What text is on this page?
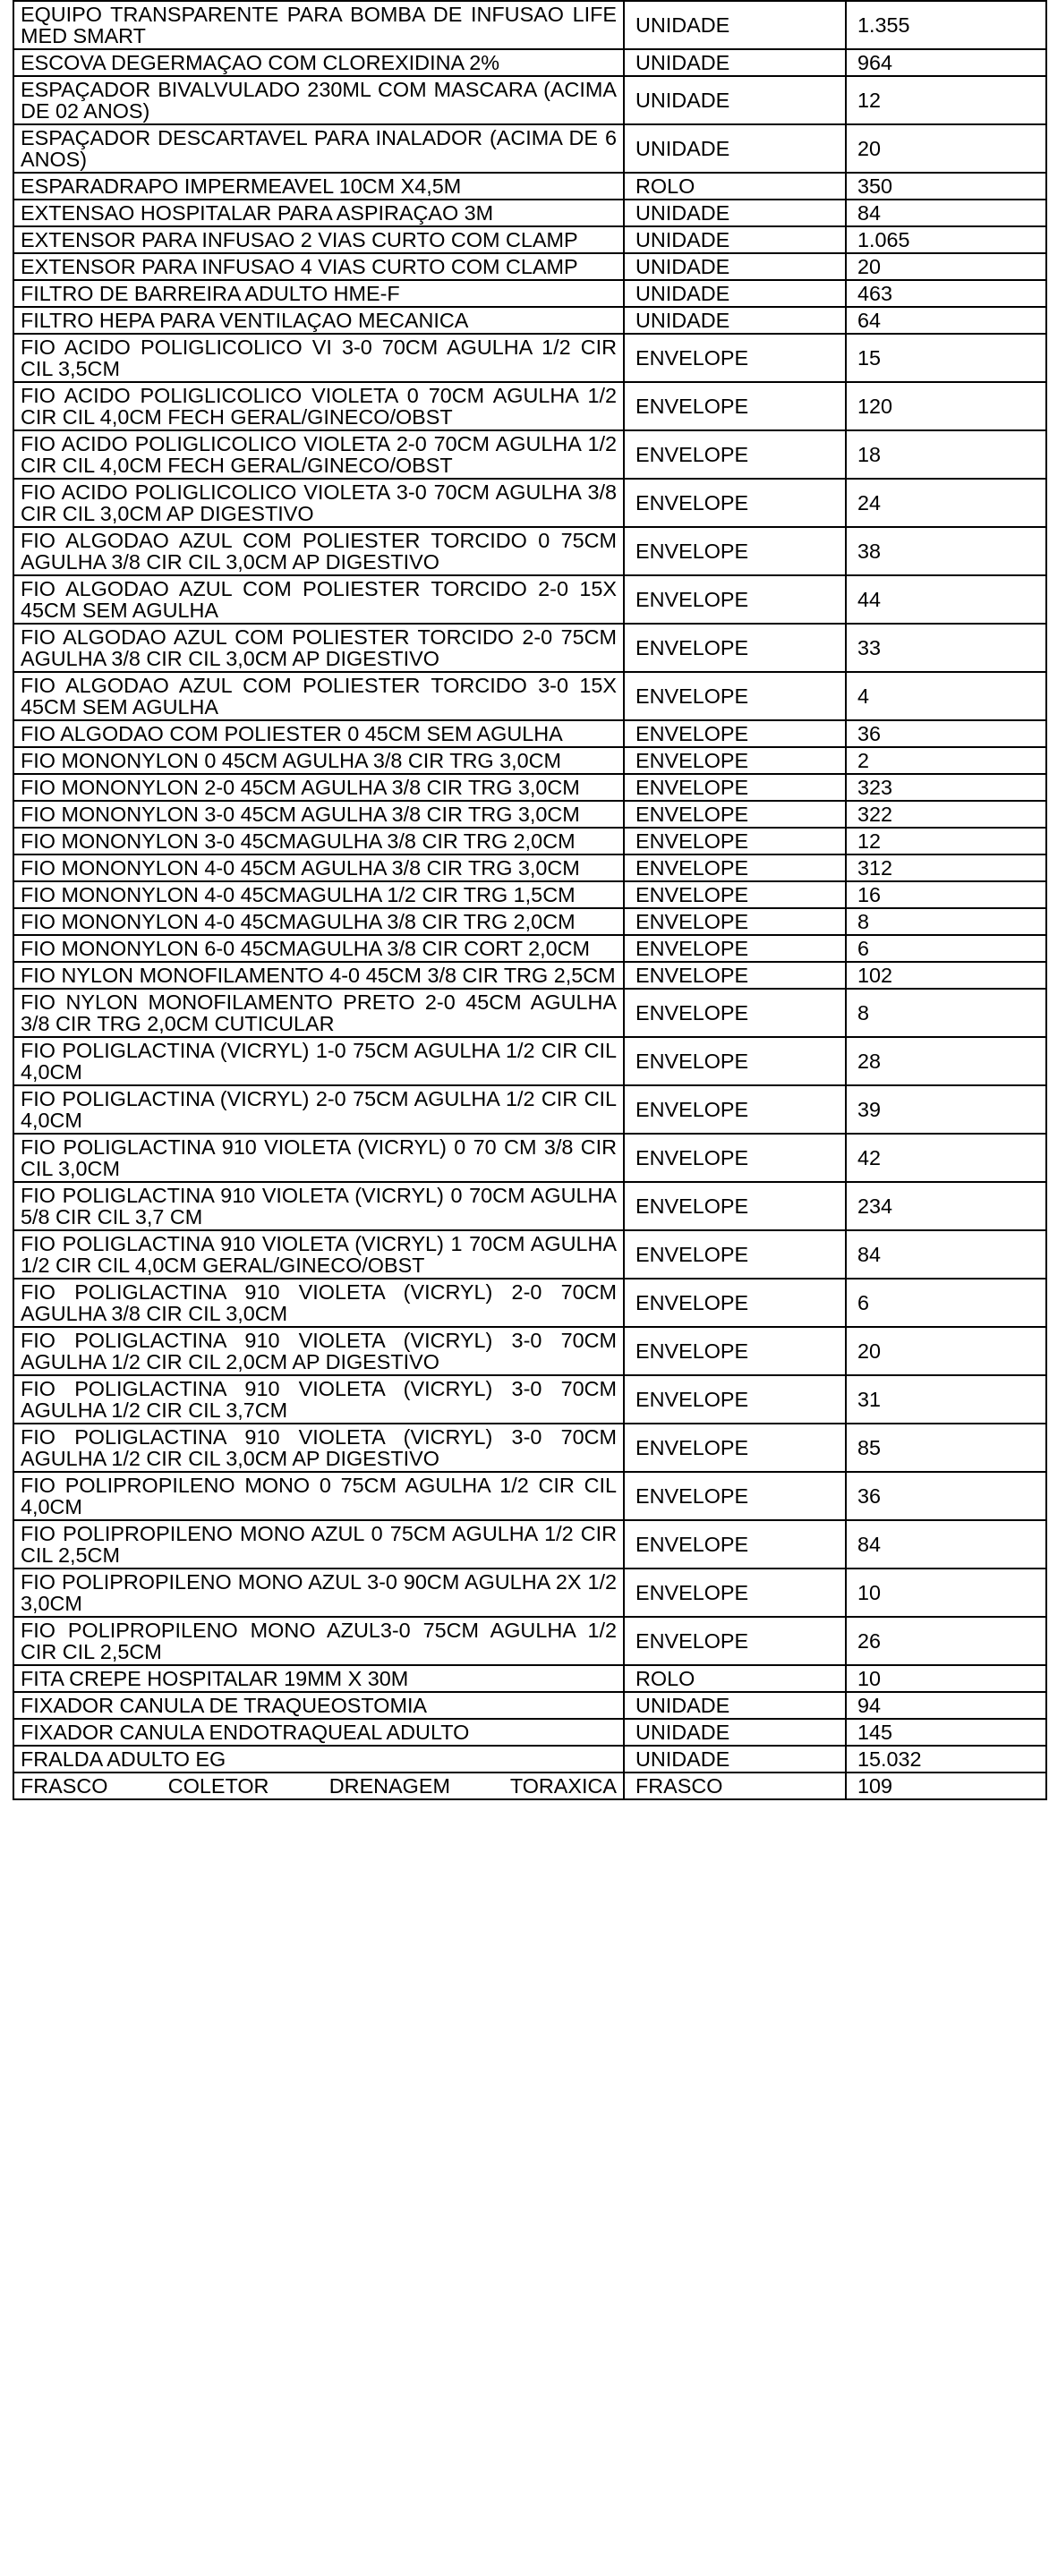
EQUIPO TRANSPARENTE PARA BOMBA DE INFUSAO LIFE MED SMART	UNIDADE	1.355
ESCOVA DEGERMAÇAO COM CLOREXIDINA 2%	UNIDADE	964
ESPAÇADOR BIVALVULADO 230ML COM MASCARA (ACIMA DE 02 ANOS)	UNIDADE	12
ESPAÇADOR DESCARTAVEL PARA INALADOR (ACIMA DE 6 ANOS)	UNIDADE	20
ESPARADRAPO IMPERMEAVEL 10CM X4,5M	ROLO	350
EXTENSAO HOSPITALAR PARA ASPIRAÇAO 3M	UNIDADE	84
EXTENSOR PARA INFUSAO 2 VIAS CURTO COM CLAMP	UNIDADE	1.065
EXTENSOR PARA INFUSAO 4 VIAS CURTO COM CLAMP	UNIDADE	20
FILTRO DE BARREIRA ADULTO HME-F	UNIDADE	463
FILTRO HEPA PARA VENTILAÇAO MECANICA	UNIDADE	64
FIO ACIDO POLIGLICOLICO VI 3-0 70CM AGULHA 1/2 CIR CIL 3,5CM	ENVELOPE	15
FIO ACIDO POLIGLICOLICO VIOLETA 0 70CM AGULHA 1/2 CIR CIL 4,0CM FECH GERAL/GINECO/OBST	ENVELOPE	120
FIO ACIDO POLIGLICOLICO VIOLETA 2-0 70CM AGULHA 1/2 CIR CIL 4,0CM FECH GERAL/GINECO/OBST	ENVELOPE	18
FIO ACIDO POLIGLICOLICO VIOLETA 3-0 70CM AGULHA 3/8 CIR CIL 3,0CM AP DIGESTIVO	ENVELOPE	24
FIO ALGODAO AZUL COM POLIESTER TORCIDO 0 75CM AGULHA 3/8 CIR CIL 3,0CM AP DIGESTIVO	ENVELOPE	38
FIO ALGODAO AZUL COM POLIESTER TORCIDO 2-0 15X 45CM SEM AGULHA	ENVELOPE	44
FIO ALGODAO AZUL COM POLIESTER TORCIDO 2-0 75CM AGULHA 3/8 CIR CIL 3,0CM AP DIGESTIVO	ENVELOPE	33
FIO ALGODAO AZUL COM POLIESTER TORCIDO 3-0 15X 45CM SEM AGULHA	ENVELOPE	4
FIO ALGODAO COM POLIESTER 0 45CM SEM AGULHA	ENVELOPE	36
FIO MONONYLON 0 45CM AGULHA 3/8 CIR TRG 3,0CM	ENVELOPE	2
FIO MONONYLON 2-0 45CM AGULHA 3/8 CIR TRG 3,0CM	ENVELOPE	323
FIO MONONYLON 3-0 45CM AGULHA 3/8 CIR TRG 3,0CM	ENVELOPE	322
FIO MONONYLON 3-0 45CMAGULHA 3/8 CIR TRG 2,0CM	ENVELOPE	12
FIO MONONYLON 4-0 45CM AGULHA 3/8 CIR TRG 3,0CM	ENVELOPE	312
FIO MONONYLON 4-0 45CMAGULHA 1/2 CIR TRG 1,5CM	ENVELOPE	16
FIO MONONYLON 4-0 45CMAGULHA 3/8 CIR TRG 2,0CM	ENVELOPE	8
FIO MONONYLON 6-0 45CMAGULHA 3/8 CIR CORT 2,0CM	ENVELOPE	6
FIO NYLON MONOFILAMENTO 4-0 45CM 3/8 CIR TRG 2,5CM	ENVELOPE	102
FIO NYLON MONOFILAMENTO PRETO 2-0 45CM AGULHA 3/8 CIR TRG 2,0CM CUTICULAR	ENVELOPE	8
FIO POLIGLACTINA (VICRYL) 1-0 75CM AGULHA 1/2 CIR CIL 4,0CM	ENVELOPE	28
FIO POLIGLACTINA (VICRYL) 2-0 75CM AGULHA 1/2 CIR CIL 4,0CM	ENVELOPE	39
FIO POLIGLACTINA 910 VIOLETA (VICRYL) 0 70 CM 3/8 CIR CIL 3,0CM	ENVELOPE	42
FIO POLIGLACTINA 910 VIOLETA (VICRYL) 0 70CM AGULHA 5/8 CIR CIL 3,7 CM	ENVELOPE	234
FIO POLIGLACTINA 910 VIOLETA (VICRYL) 1 70CM AGULHA 1/2 CIR CIL 4,0CM GERAL/GINECO/OBST	ENVELOPE	84
FIO POLIGLACTINA 910 VIOLETA (VICRYL) 2-0 70CM AGULHA 3/8 CIR CIL 3,0CM	ENVELOPE	6
FIO POLIGLACTINA 910 VIOLETA (VICRYL) 3-0 70CM AGULHA 1/2 CIR CIL 2,0CM AP DIGESTIVO	ENVELOPE	20
FIO POLIGLACTINA 910 VIOLETA (VICRYL) 3-0 70CM AGULHA 1/2 CIR CIL 3,7CM	ENVELOPE	31
FIO POLIGLACTINA 910 VIOLETA (VICRYL) 3-0 70CM AGULHA 1/2 CIR CIL 3,0CM AP DIGESTIVO	ENVELOPE	85
FIO POLIPROPILENO MONO 0 75CM AGULHA 1/2 CIR CIL 4,0CM	ENVELOPE	36
FIO POLIPROPILENO MONO AZUL 0 75CM AGULHA 1/2 CIR CIL 2,5CM	ENVELOPE	84
FIO POLIPROPILENO MONO AZUL 3-0 90CM AGULHA 2X 1/2 3,0CM	ENVELOPE	10
FIO POLIPROPILENO MONO AZUL3-0 75CM AGULHA 1/2 CIR CIL 2,5CM	ENVELOPE	26
FITA CREPE HOSPITALAR 19MM X 30M	ROLO	10
FIXADOR CANULA DE TRAQUEOSTOMIA	UNIDADE	94
FIXADOR CANULA ENDOTRAQUEAL ADULTO	UNIDADE	145
FRALDA ADULTO EG	UNIDADE	15.032
FRASCO COLETOR DRENAGEM TORAXICA	FRASCO	109
